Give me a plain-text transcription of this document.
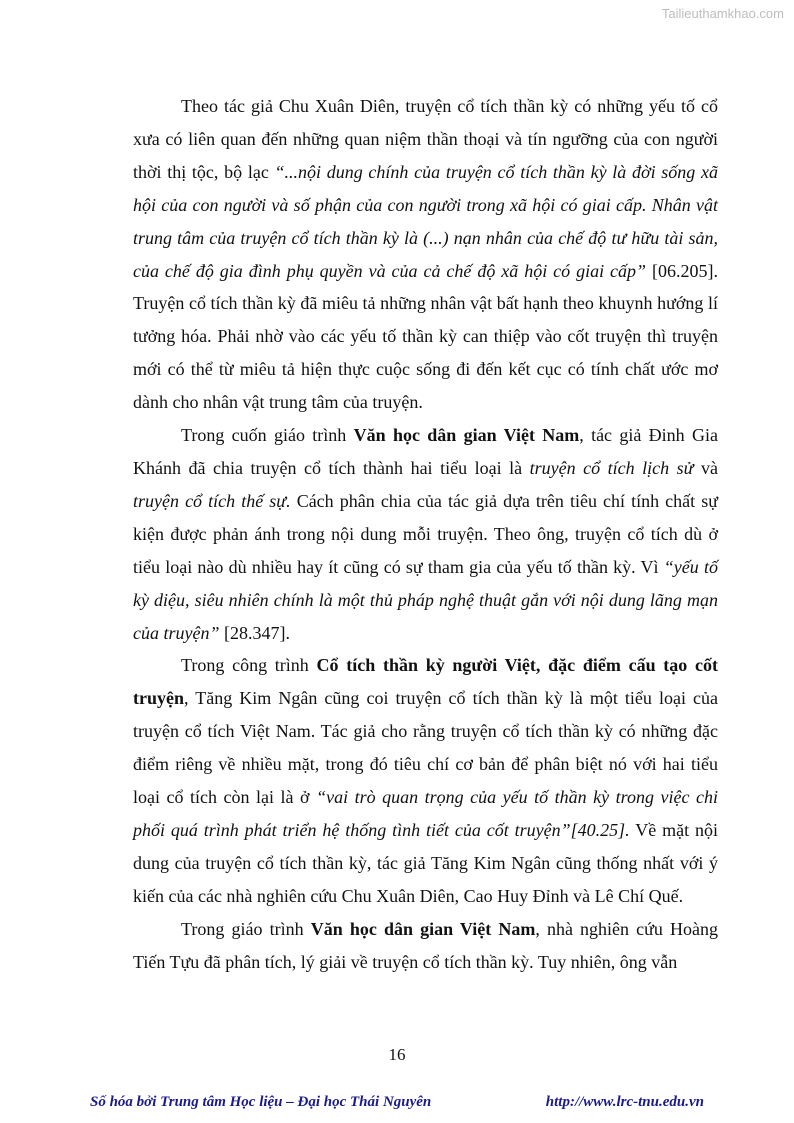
Tailieuthamkhao.com

Theo tác giả Chu Xuân Diên, truyện cổ tích thần kỳ có những yếu tố cổ xưa có liên quan đến những quan niệm thần thoại và tín ngưỡng của con người thời thị tộc, bộ lạc “...nội dung chính của truyện cổ tích thần kỳ là đời sống xã hội của con người và số phận của con người trong xã hội có giai cấp. Nhân vật trung tâm của truyện cổ tích thần kỳ là (...) nạn nhân của chế độ tư hữu tài sản, của chế độ gia đình phụ quyền và của cả chế độ xã hội có giai cấp” [06.205]. Truyện cổ tích thần kỳ đã miêu tả những nhân vật bất hạnh theo khuynh hướng lí tưởng hóa. Phải nhờ vào các yếu tố thần kỳ can thiệp vào cốt truyện thì truyện mới có thể từ miêu tả hiện thực cuộc sống đi đến kết cục có tính chất ước mơ dành cho nhân vật trung tâm của truyện.

Trong cuốn giáo trình Văn học dân gian Việt Nam, tác giả Đinh Gia Khánh đã chia truyện cổ tích thành hai tiểu loại là truyện cổ tích lịch sử và truyện cổ tích thế sự. Cách phân chia của tác giả dựa trên tiêu chí tính chất sự kiện được phản ánh trong nội dung mỗi truyện. Theo ông, truyện cổ tích dù ở tiểu loại nào dù nhiều hay ít cũng có sự tham gia của yếu tố thần kỳ. Vì “yếu tố kỳ diệu, siêu nhiên chính là một thủ pháp nghệ thuật gắn với nội dung lãng mạn của truyện” [28.347].

Trong công trình Cổ tích thần kỳ người Việt, đặc điểm cấu tạo cốt truyện, Tăng Kim Ngân cũng coi truyện cổ tích thần kỳ là một tiểu loại của truyện cổ tích Việt Nam. Tác giả cho rằng truyện cổ tích thần kỳ có những đặc điểm riêng về nhiều mặt, trong đó tiêu chí cơ bản để phân biệt nó với hai tiểu loại cổ tích còn lại là ở “vai trò quan trọng của yếu tố thần kỳ trong việc chi phối quá trình phát triển hệ thống tình tiết của cốt truyện”[40.25]. Về mặt nội dung của truyện cổ tích thần kỳ, tác giả Tăng Kim Ngân cũng thống nhất với ý kiến của các nhà nghiên cứu Chu Xuân Diên, Cao Huy Đỉnh và Lê Chí Quế.

Trong giáo trình Văn học dân gian Việt Nam, nhà nghiên cứu Hoàng Tiến Tựu đã phân tích, lý giải về truyện cổ tích thần kỳ. Tuy nhiên, ông vẫn

16
Số hóa bởi Trung tâm Học liệu – Đại học Thái Nguyên	http://www.lrc-tnu.edu.vn
